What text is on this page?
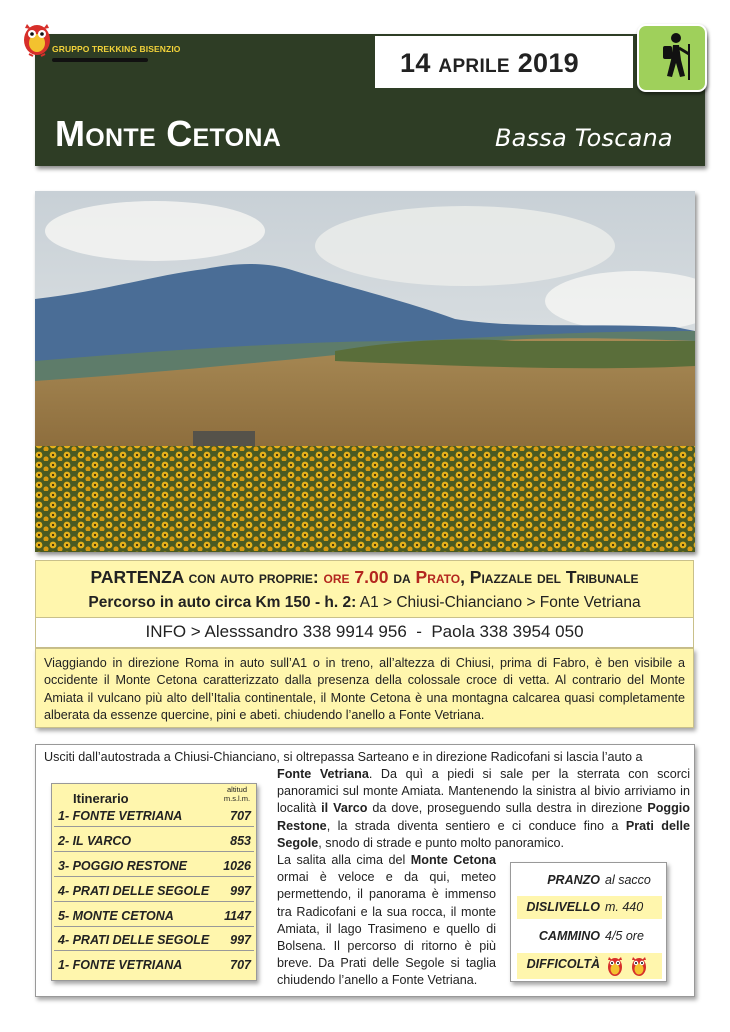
GRUPPO TREKKING BISENZIO	14 aprile 2019
Monte Cetona	Bassa Toscana
PARTENZA con auto proprie: ore 7.00 da Prato, Piazzale del Tribunale
Percorso in auto circa Km 150 - h. 2: A1 > Chiusi-Chianciano > Fonte Vetriana
INFO > Alesssandro 338 9914 956  -  Paola 338 3954 050
Viaggiando in direzione Roma in auto sull’A1 o in treno, all’altezza di Chiusi, prima di Fabro, è ben visibile a occidente il Monte Cetona caratterizzato dalla presenza della colossale croce di vetta. Al contrario del Monte Amiata il vulcano più alto dell’Italia continentale, il Monte Cetona è una montagna calcarea quasi completamente alberata da essenze quercine, pini e abeti. chiudendo l’anello a Fonte Vetriana.
Usciti dall’autostrada a Chiusi-Chianciano, si oltrepassa Sarteano e in direzione Radicofani si lascia l’auto a
Fonte Vetriana. Da quì a piedi si sale per la sterrata con scorci panoramici sul monte Amiata. Mantenendo la sinistra al bivio arriviamo in località il Varco da dove, proseguendo sulla destra in direzione Poggio Restone, la strada diventa sentiero e ci conduce fino a Prati delle Segole, snodo di strade e punto molto panoramico.
La salita alla cima del Monte Cetona ormai è veloce e da qui, meteo permettendo, il panorama è immenso tra Radicofani e la sua rocca, il monte Amiata, il lago Trasimeno e quello di Bolsena. Il percorso di ritorno è più breve. Da Prati delle Segole si taglia chiudendo l’anello a Fonte Vetriana.
1- FONTE VETRIANA	707
2- IL VARCO	853
3- POGGIO RESTONE	1026
4- PRATI DELLE SEGOLE 997
5- MONTE CETONA	1147
4- PRATI DELLE SEGOLE 997
1- FONTE VETRIANA	707
Itinerario
altitud
m.s.l.m.
PRANZO al sacco
DISLIVELLO m. 440
CAMMINO 4/5 ore
DIFFICOLTÀ
